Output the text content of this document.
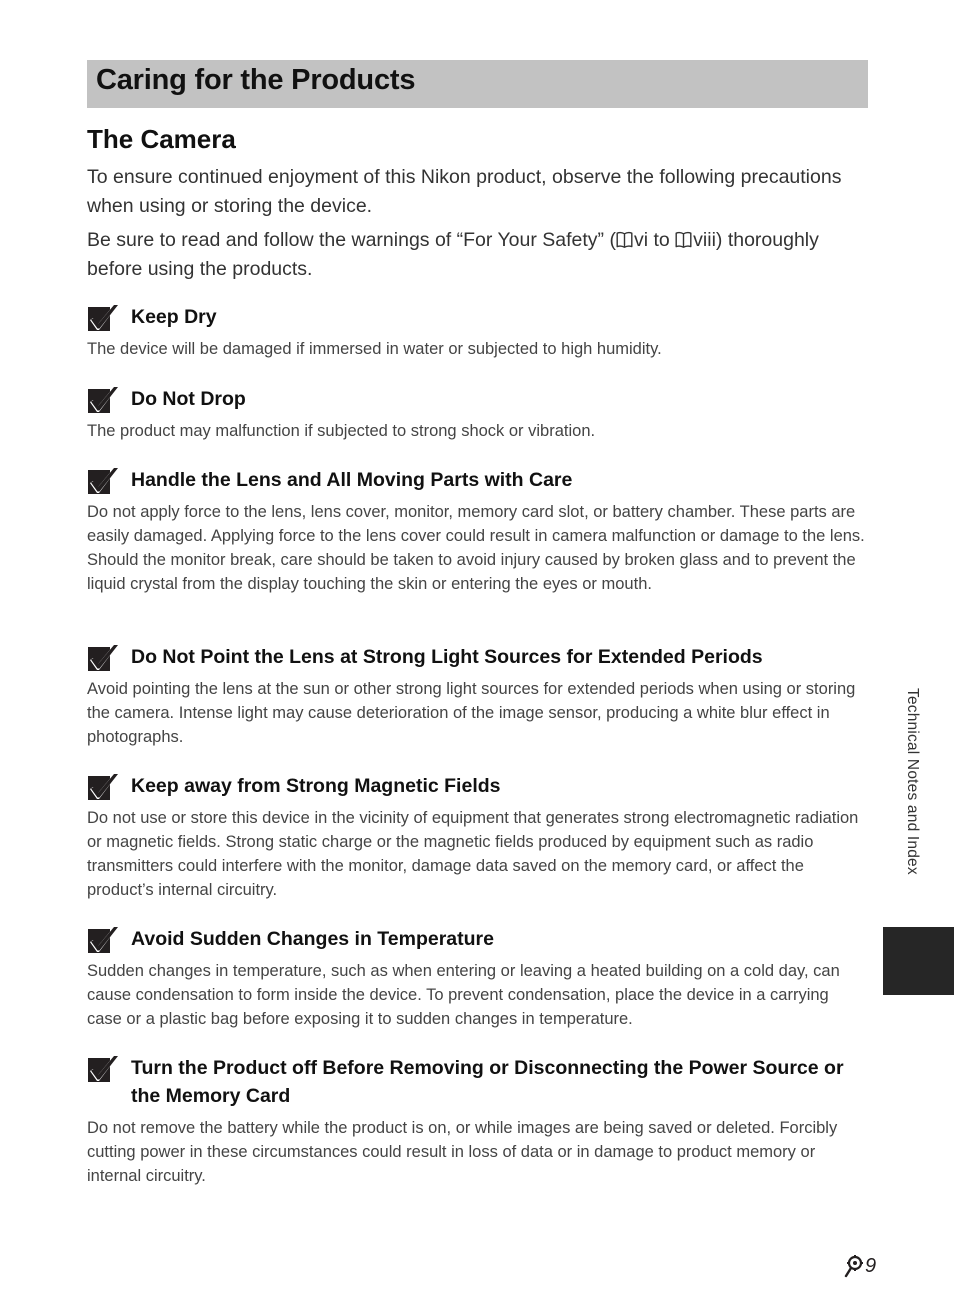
Caring for the Products
The Camera

To ensure continued enjoyment of this Nikon product, observe the following precautions when using or storing the device.

Be sure to read and follow the warnings of “For Your Safety” ( vi to viii) thoroughly before using the products.

Keep Dry

The device will be damaged if immersed in water or subjected to high humidity.

Do Not Drop

The product may malfunction if subjected to strong shock or vibration.

Handle the Lens and All Moving Parts with Care

Do not apply force to the lens, lens cover, monitor, memory card slot, or battery chamber. These parts are easily damaged. Applying force to the lens cover could result in camera malfunction or damage to the lens. Should the monitor break, care should be taken to avoid injury caused by broken glass and to prevent the liquid crystal from the display touching the skin or entering the eyes or mouth.

Do Not Point the Lens at Strong Light Sources for Extended Periods

Avoid pointing the lens at the sun or other strong light sources for extended periods when using or storing the camera. Intense light may cause deterioration of the image sensor, producing a white blur effect in photographs.

Keep away from Strong Magnetic Fields

Do not use or store this device in the vicinity of equipment that generates strong electromagnetic radiation or magnetic fields. Strong static charge or the magnetic fields produced by equipment such as radio transmitters could interfere with the monitor, damage data saved on the memory card, or affect the product’s internal circuitry.

Avoid Sudden Changes in Temperature

Sudden changes in temperature, such as when entering or leaving a heated building on a cold day, can cause condensation to form inside the device. To prevent condensation, place the device in a carrying case or a plastic bag before exposing it to sudden changes in temperature.

Turn the Product off Before Removing or Disconnecting the Power Source or the Memory Card

Do not remove the battery while the product is on, or while images are being saved or deleted. Forcibly cutting power in these circumstances could result in loss of data or in damage to product memory or internal circuitry.

Technical Notes and Index
9
